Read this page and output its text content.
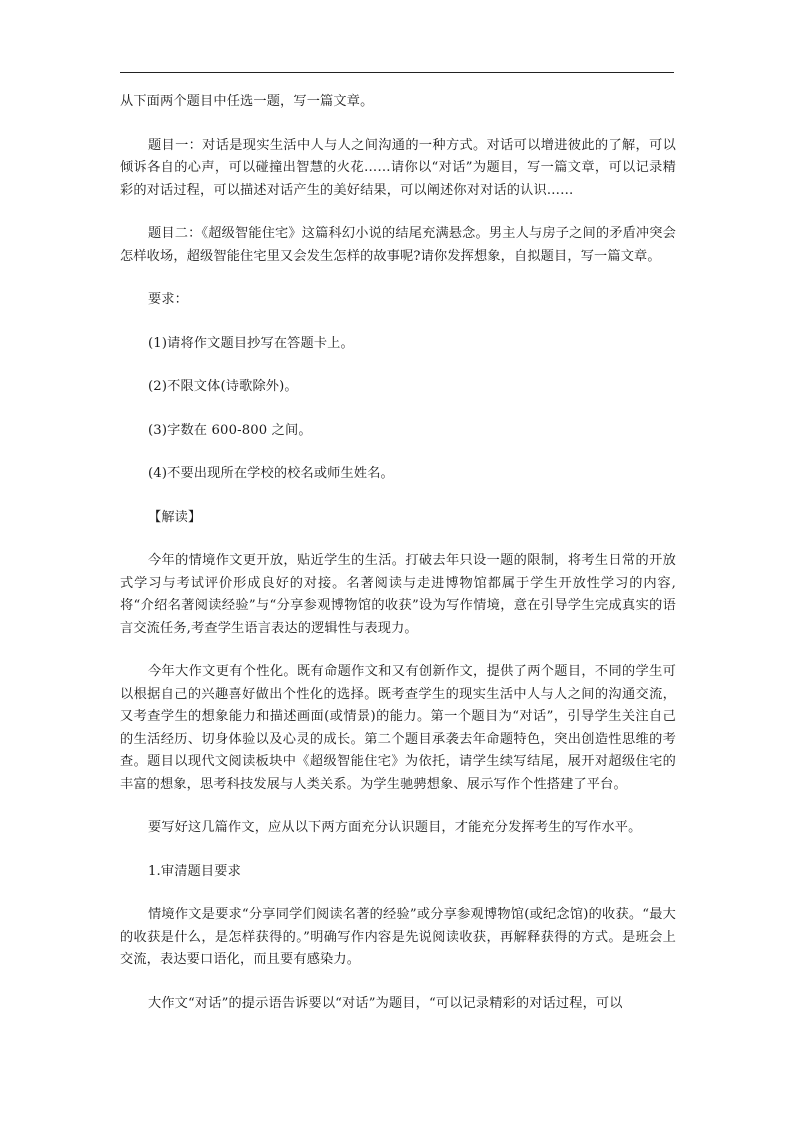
从下面两个题目中任选一题，写一篇文章。

题目一：对话是现实生活中人与人之间沟通的一种方式。对话可以增进彼此的了解，可以倾诉各自的心声，可以碰撞出智慧的火花……请你以“对话”为题目，写一篇文章，可以记录精彩的对话过程，可以描述对话产生的美好结果，可以阐述你对对话的认识……

题目二：《超级智能住宅》这篇科幻小说的结尾充满悬念。男主人与房子之间的矛盾冲突会怎样收场，超级智能住宅里又会发生怎样的故事呢?请你发挥想象，自拟题目，写一篇文章。

要求：

(1)请将作文题目抄写在答题卡上。

(2)不限文体(诗歌除外)。

(3)字数在 600-800 之间。

(4)不要出现所在学校的校名或师生姓名。

【解读】

今年的情境作文更开放，贴近学生的生活。打破去年只设一题的限制，将考生日常的开放式学习与考试评价形成良好的对接。名著阅读与走进博物馆都属于学生开放性学习的内容,将“介绍名著阅读经验”与“分享参观博物馆的收获”设为写作情境，意在引导学生完成真实的语言交流任务,考查学生语言表达的逻辑性与表现力。

今年大作文更有个性化。既有命题作文和又有创新作文，提供了两个题目，不同的学生可以根据自己的兴趣喜好做出个性化的选择。既考查学生的现实生活中人与人之间的沟通交流，又考查学生的想象能力和描述画面(或情景)的能力。第一个题目为“对话”，引导学生关注自己的生活经历、切身体验以及心灵的成长。第二个题目承袭去年命题特色，突出创造性思维的考查。题目以现代文阅读板块中《超级智能住宅》为依托，请学生续写结尾，展开对超级住宅的丰富的想象，思考科技发展与人类关系。为学生驰骋想象、展示写作个性搭建了平台。

要写好这几篇作文，应从以下两方面充分认识题目，才能充分发挥考生的写作水平。

1.审清题目要求

情境作文是要求“分享同学们阅读名著的经验”或分享参观博物馆(或纪念馆)的收获。“最大的收获是什么，是怎样获得的。”明确写作内容是先说阅读收获，再解释获得的方式。是班会上交流，表达要口语化，而且要有感染力。

大作文“对话”的提示语告诉要以“对话”为题目，“可以记录精彩的对话过程，可以
